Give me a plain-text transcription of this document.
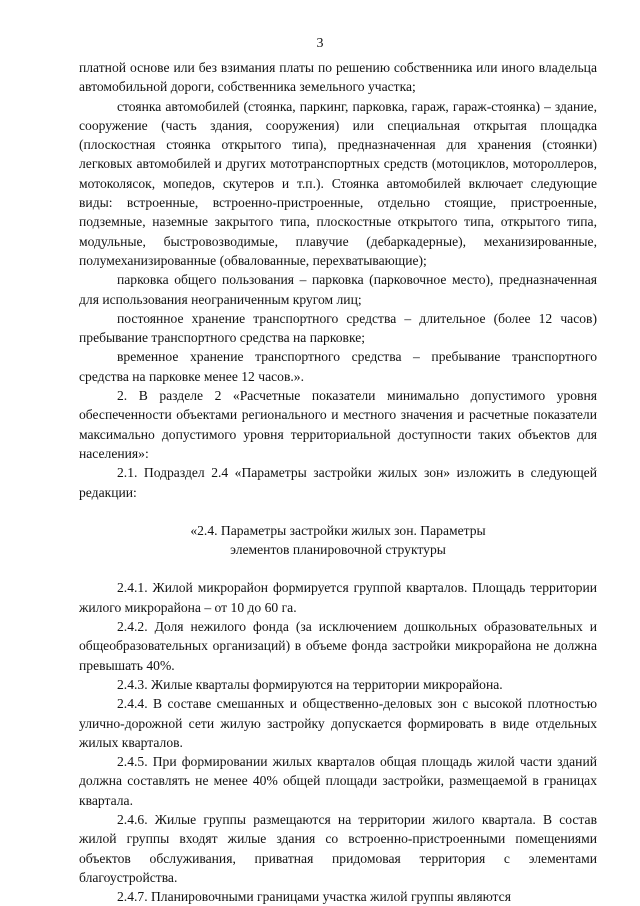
3

платной основе или без взимания платы по решению собственника или иного владельца автомобильной дороги, собственника земельного участка;

стоянка автомобилей (стоянка, паркинг, парковка, гараж, гараж-стоянка) – здание, сооружение (часть здания, сооружения) или специальная открытая площадка (плоскостная стоянка открытого типа), предназначенная для хранения (стоянки) легковых автомобилей и других мототранспортных средств (мотоциклов, мотороллеров, мотоколясок, мопедов, скутеров и т.п.). Стоянка автомобилей включает следующие виды: встроенные, встроенно-пристроенные, отдельно стоящие, пристроенные, подземные, наземные закрытого типа, плоскостные открытого типа, открытого типа, модульные, быстровозводимые, плавучие (дебаркадерные), механизированные, полумеханизированные (обвалованные, перехватывающие);

парковка общего пользования – парковка (парковочное место), предназначенная для использования неограниченным кругом лиц;

постоянное хранение транспортного средства – длительное (более 12 часов) пребывание транспортного средства на парковке;

временное хранение транспортного средства – пребывание транспортного средства на парковке менее 12 часов.».

2. В разделе 2 «Расчетные показатели минимально допустимого уровня обеспеченности объектами регионального и местного значения и расчетные показатели максимально допустимого уровня территориальной доступности таких объектов для населения»:

2.1. Подраздел 2.4 «Параметры застройки жилых зон» изложить в следующей редакции:

«2.4. Параметры застройки жилых зон. Параметры
элементов планировочной структуры

2.4.1. Жилой микрорайон формируется группой кварталов. Площадь территории жилого микрорайона – от 10 до 60 га.

2.4.2. Доля нежилого фонда (за исключением дошкольных образовательных и общеобразовательных организаций) в объеме фонда застройки микрорайона не должна превышать 40%.

2.4.3. Жилые кварталы формируются на территории микрорайона.

2.4.4. В составе смешанных и общественно-деловых зон с высокой плотностью улично-дорожной сети жилую застройку допускается формировать в виде отдельных жилых кварталов.

2.4.5. При формировании жилых кварталов общая площадь жилой части зданий должна составлять не менее 40% общей площади застройки, размещаемой в границах квартала.

2.4.6. Жилые группы размещаются на территории жилого квартала. В состав жилой группы входят жилые здания со встроенно-пристроенными помещениями объектов обслуживания, приватная придомовая территория с элементами благоустройства.

2.4.7. Планировочными границами участка жилой группы являются
